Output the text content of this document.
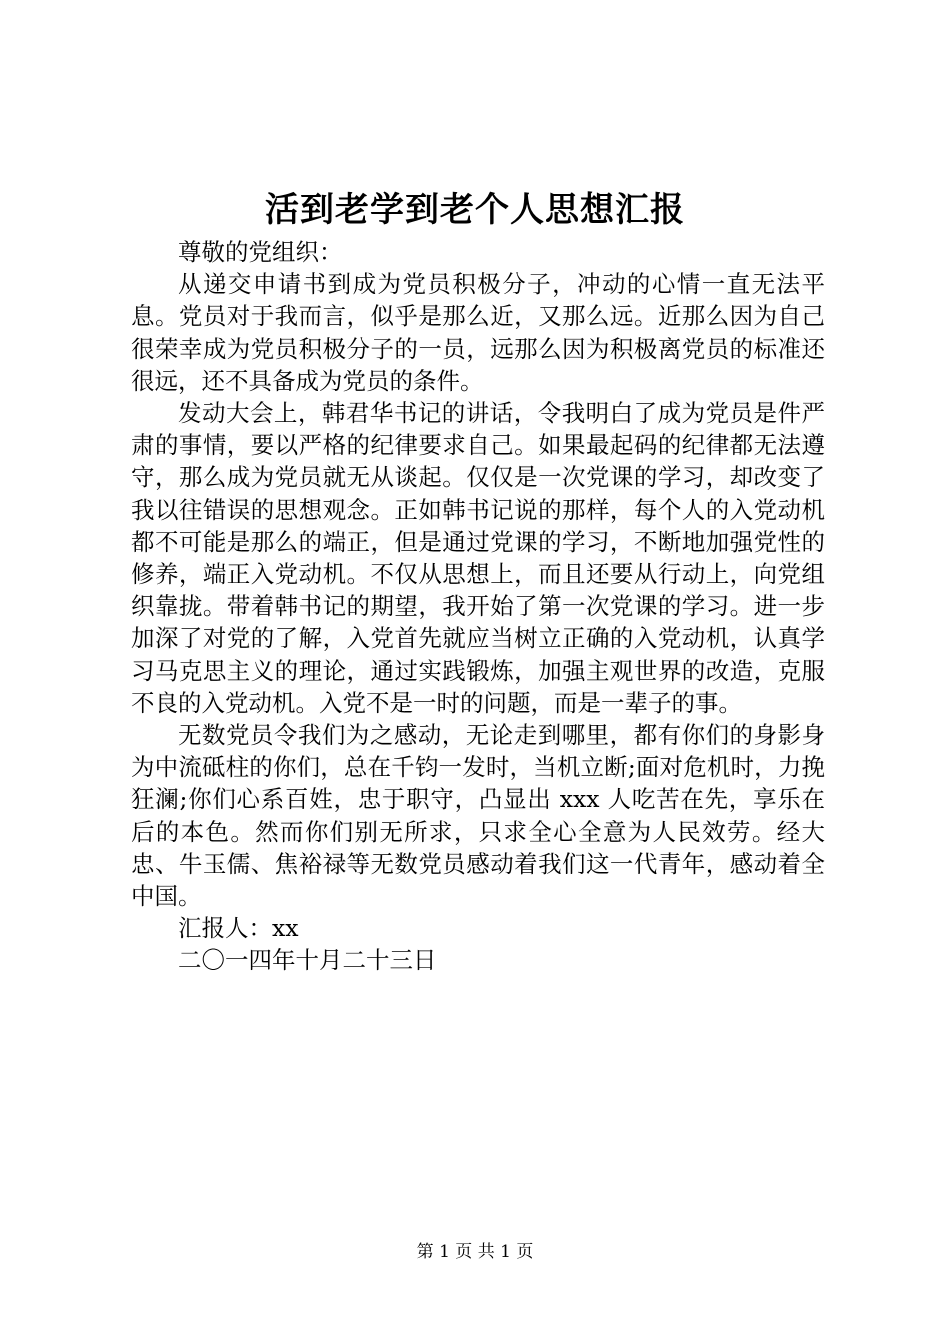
活到老学到老个人思想汇报

尊敬的党组织：

从递交申请书到成为党员积极分子，冲动的心情一直无法平息。党员对于我而言，似乎是那么近，又那么远。近那么因为自己很荣幸成为党员积极分子的一员，远那么因为积极离党员的标准还很远，还不具备成为党员的条件。

发动大会上，韩君华书记的讲话，令我明白了成为党员是件严肃的事情，要以严格的纪律要求自己。如果最起码的纪律都无法遵守，那么成为党员就无从谈起。仅仅是一次党课的学习，却改变了我以往错误的思想观念。正如韩书记说的那样，每个人的入党动机都不可能是那么的端正，但是通过党课的学习，不断地加强党性的修养，端正入党动机。不仅从思想上，而且还要从行动上，向党组织靠拢。带着韩书记的期望，我开始了第一次党课的学习。进一步加深了对党的了解，入党首先就应当树立正确的入党动机，认真学习马克思主义的理论，通过实践锻炼，加强主观世界的改造，克服不良的入党动机。入党不是一时的问题，而是一辈子的事。

无数党员令我们为之感动，无论走到哪里，都有你们的身影身为中流砥柱的你们，总在千钧一发时，当机立断;面对危机时，力挽狂澜;你们心系百姓，忠于职守，凸显出 xxx 人吃苦在先，享乐在后的本色。然而你们别无所求，只求全心全意为人民效劳。经大忠、牛玉儒、焦裕禄等无数党员感动着我们这一代青年，感动着全中国。

汇报人：xx

二〇一四年十月二十三日

第 1 页 共 1 页
